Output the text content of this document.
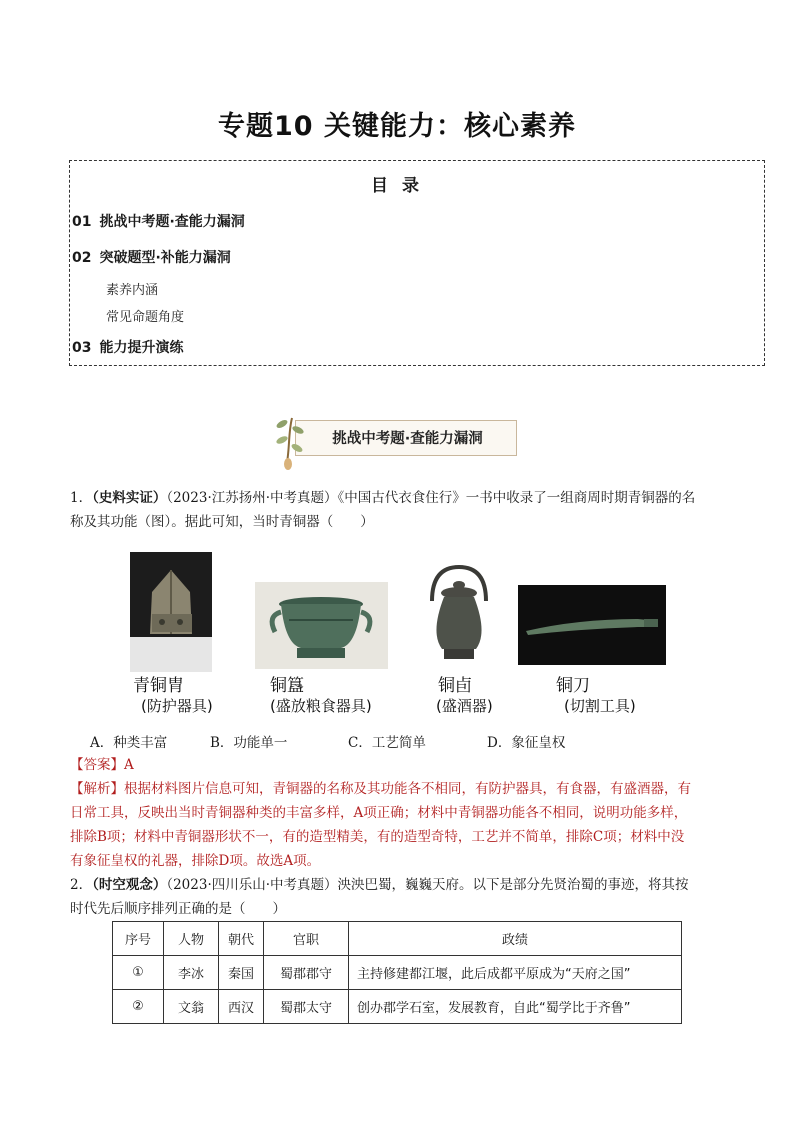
专题10 关键能力：核心素养
目 录
01 挑战中考题·查能力漏洞
02 突破题型·补能力漏洞
素养内涵
常见命题角度
03 能力提升演练
挑战中考题·查能力漏洞
1．（史料实证）（2023·江苏扬州·中考真题）《中国古代衣食住行》一书中收录了一组商周时期青铜器的名
称及其功能（图）。据此可知，当时青铜器（　　）
青铜胄
(防护器具)
铜簋
(盛放粮食器具)
铜卣
(盛酒器)
铜刀
(切割工具)
A．种类丰富	B．功能单一	C．工艺简单	D．象征皇权
【答案】A
【解析】根据材料图片信息可知，青铜器的名称及其功能各不相同，有防护器具，有食器，有盛酒器，有
日常工具，反映出当时青铜器种类的丰富多样，A项正确；材料中青铜器功能各不相同，说明功能多样，
排除B项；材料中青铜器形状不一，有的造型精美，有的造型奇特，工艺并不简单，排除C项；材料中没
有象征皇权的礼器，排除D项。故选A项。
2．（时空观念）（2023·四川乐山·中考真题）泱泱巴蜀，巍巍天府。以下是部分先贤治蜀的事迹，将其按
时代先后顺序排列正确的是（　　）
序号	人物	朝代	官职	政绩
①	李冰	秦国	蜀郡郡守	主持修建都江堰，此后成都平原成为“天府之国”
②	文翁	西汉	蜀郡太守	创办郡学石室，发展教育，自此“蜀学比于齐鲁”
